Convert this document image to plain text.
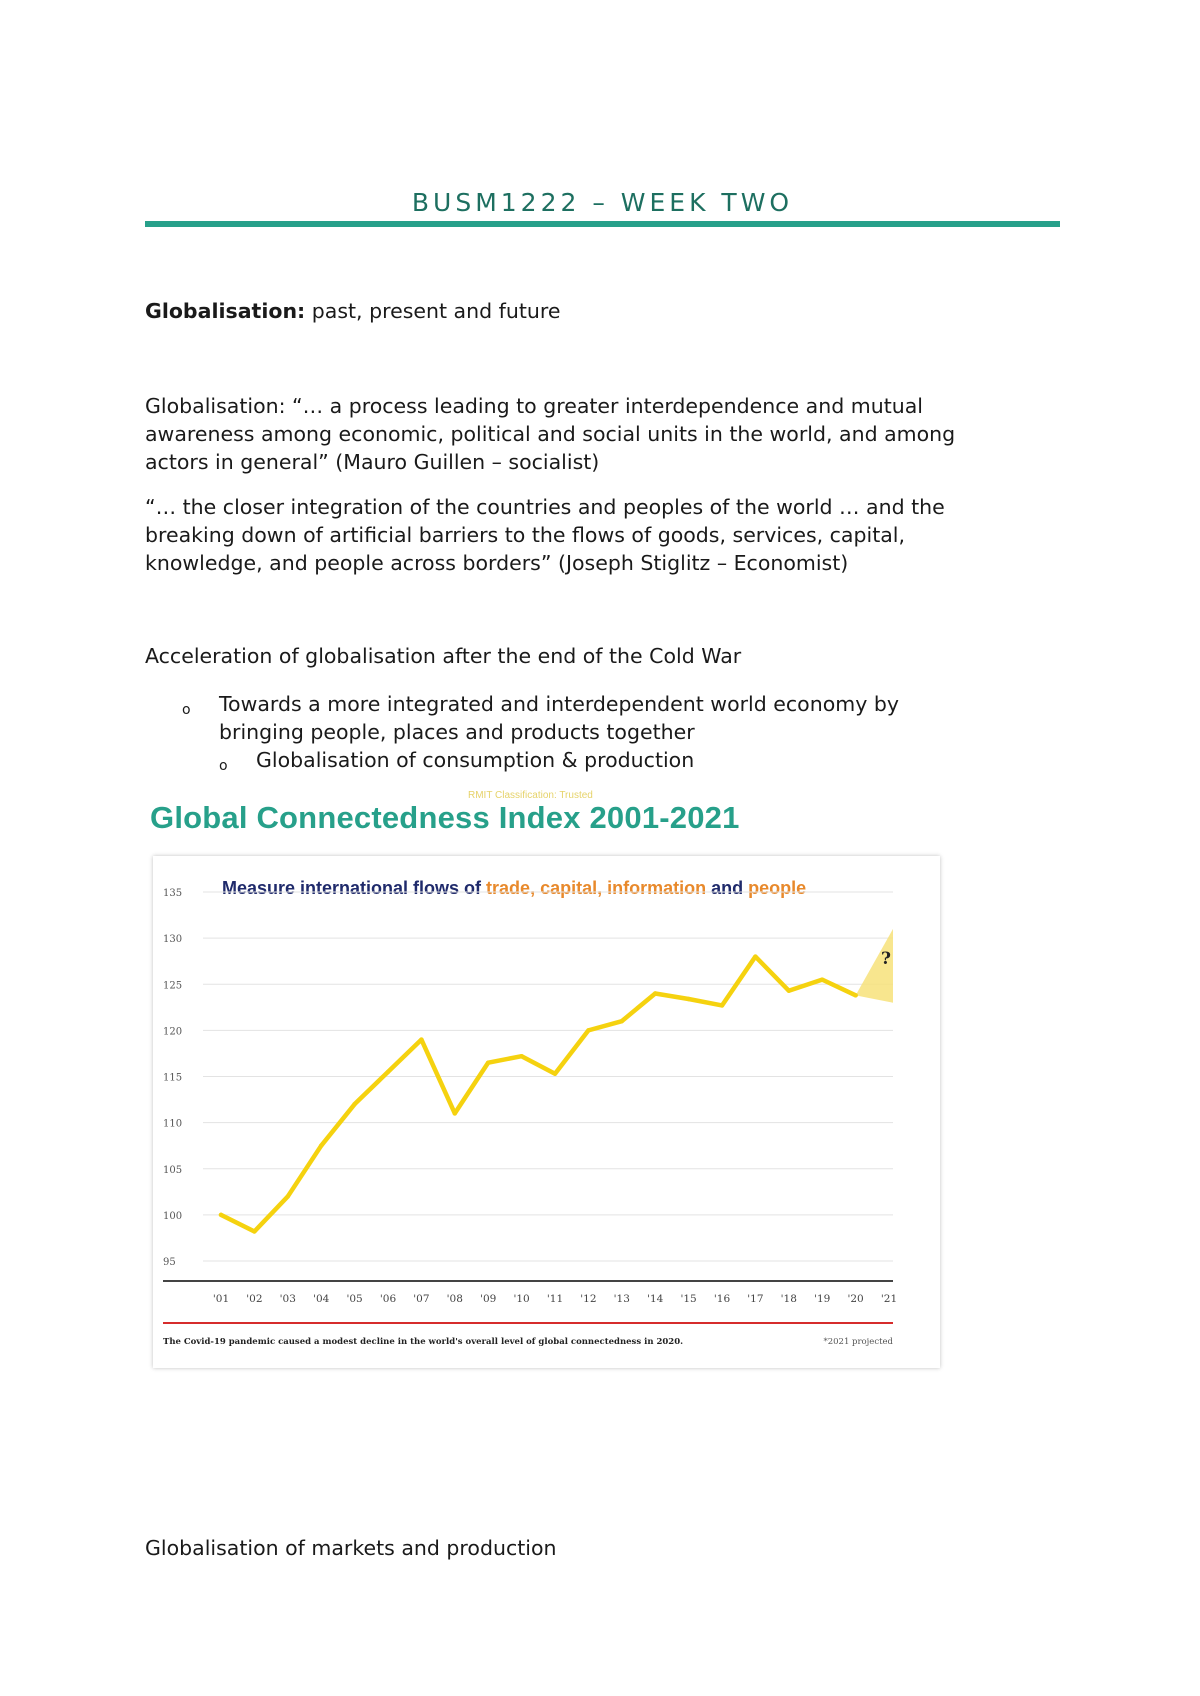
BUSM1222 – WEEK TWO
Globalisation: past, present and future
Globalisation: “… a process leading to greater interdependence and mutual
awareness among economic, political and social units in the world, and among
actors in general” (Mauro Guillen – socialist)
“… the closer integration of the countries and peoples of the world … and the
breaking down of artificial barriers to the flows of goods, services, capital,
knowledge, and people across borders” (Joseph Stiglitz – Economist)
Acceleration of globalisation after the end of the Cold War
o Towards a more integrated and interdependent world economy by
bringing people, places and products together
o Globalisation of consumption & production
RMIT Classification: Trusted
Global Connectedness Index 2001-2021
Measure international flows of trade, capital, information and people
135
130
125
120
115
110
105
100
95
'01 '02 '03 '04 '05 '06 '07 '08 '09 '10 '11 '12 '13 '14 '15 '16 '17 '18 '19 '20 '21
?
The Covid-19 pandemic caused a modest decline in the world's overall level of global connectedness in 2020.	*2021 projected
Globalisation of markets and production
